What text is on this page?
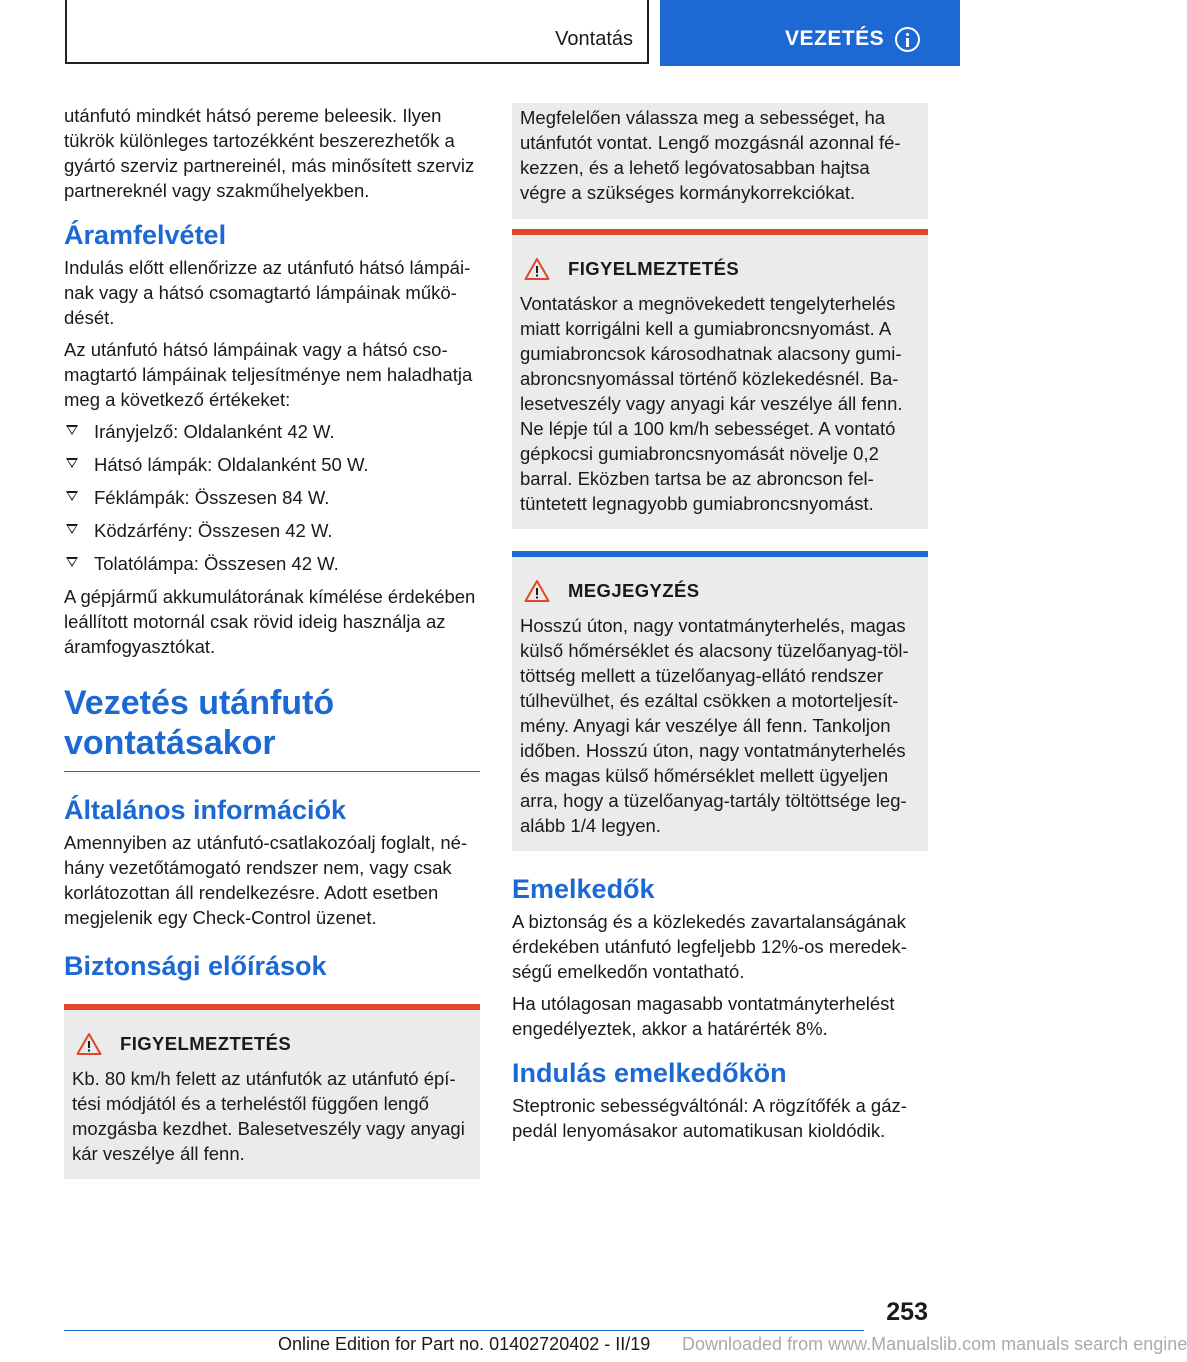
Vontatás	VEZETÉS

utánfutó mindkét hátsó pereme beleesik. Ilyen tükrök különleges tartozékként beszerezhetők a gyártó szerviz partnereinél, más minősített szerviz partnereknél vagy szakműhelyekben.

Áramfelvétel

Indulás előtt ellenőrizze az utánfutó hátsó lámpáinak vagy a hátsó csomagtartó lámpáinak működését.

Az utánfutó hátsó lámpáinak vagy a hátsó csomagtartó lámpáinak teljesítménye nem haladhatja meg a következő értékeket:

Irányjelző: Oldalanként 42 W.
Hátsó lámpák: Oldalanként 50 W.
Féklámpák: Összesen 84 W.
Ködzárfény: Összesen 42 W.
Tolatólámpa: Összesen 42 W.

A gépjármű akkumulátorának kímélése érdekében leállított motornál csak rövid ideig használja az áramfogyasztókat.

Vezetés utánfutó vontatásakor
Általános információk

Amennyiben az utánfutó-csatlakozóalj foglalt, néhány vezetőtámogató rendszer nem, vagy csak korlátozottan áll rendelkezésre. Adott esetben megjelenik egy Check-Control üzenet.

Biztonsági előírások
FIGYELMEZTETÉS

Kb. 80 km/h felett az utánfutók az utánfutó építési módjától és a terheléstől függően lengő mozgásba kezdhet. Balesetveszély vagy anyagi kár veszélye áll fenn.

Megfelelően válassza meg a sebességet, ha utánfutót vontat. Lengő mozgásnál azonnal fékezzen, és a lehető legóvatosabban hajtsa végre a szükséges kormánykorrekciókat.

FIGYELMEZTETÉS

Vontatáskor a megnövekedett tengelyterhelés miatt korrigálni kell a gumiabroncsnyomást. A gumiabroncsok károsodhatnak alacsony gumiabroncsnyomással történő közlekedésnél. Balesetveszély vagy anyagi kár veszélye áll fenn. Ne lépje túl a 100 km/h sebességet. A vontató gépkocsi gumiabroncsnyomását növelje 0,2 barral. Eközben tartsa be az abroncson feltüntetett legnagyobb gumiabroncsnyomást.

MEGJEGYZÉS

Hosszú úton, nagy vontatmányterhelés, magas külső hőmérséklet és alacsony tüzelőanyag-töltöttség mellett a tüzelőanyag-ellátó rendszer túlhevülhet, és ezáltal csökken a motorteljesítmény. Anyagi kár veszélye áll fenn. Tankoljon időben. Hosszú úton, nagy vontatmányterhelés és magas külső hőmérséklet mellett ügyeljen arra, hogy a tüzelőanyag-tartály töltöttsége legalább 1/4 legyen.

Emelkedők

A biztonság és a közlekedés zavartalanságának érdekében utánfutó legfeljebb 12%-os meredekségű emelkedőn vontatható.

Ha utólagosan magasabb vontatmányterhelést engedélyeztek, akkor a határérték 8%.

Indulás emelkedőkön

Steptronic sebességváltónál: A rögzítőfék a gázpedál lenyomásakor automatikusan kioldódik.

253
Online Edition for Part no. 01402720402 - II/19 Downloaded from www.Manualslib.com manuals search engine
